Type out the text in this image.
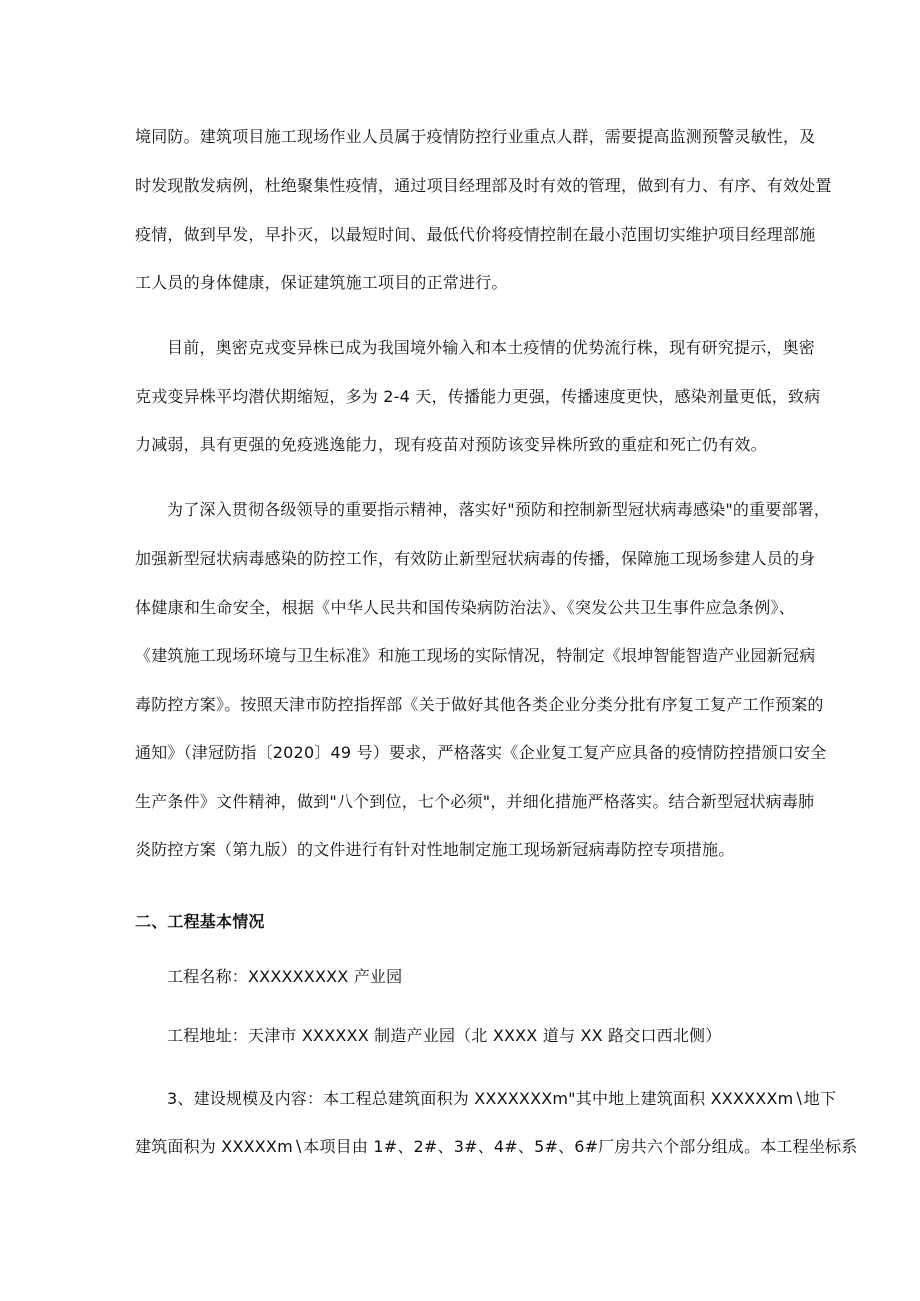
境同防。建筑项目施工现场作业人员属于疫情防控行业重点人群，需要提高监测预警灵敏性，及
时发现散发病例，杜绝聚集性疫情，通过项目经理部及时有效的管理，做到有力、有序、有效处置
疫情，做到早发，早扑灭，以最短时间、最低代价将疫情控制在最小范围切实维护项目经理部施
工人员的身体健康，保证建筑施工项目的正常进行。
目前，奥密克戎变异株已成为我国境外输入和本土疫情的优势流行株，现有研究提示，奥密
克戎变异株平均潜伏期缩短，多为 2-4 天，传播能力更强，传播速度更快，感染剂量更低，致病
力减弱，具有更强的免疫逃逸能力，现有疫苗对预防该变异株所致的重症和死亡仍有效。
为了深入贯彻各级领导的重要指示精神，落实好"预防和控制新型冠状病毒感染"的重要部署，
加强新型冠状病毒感染的防控工作，有效防止新型冠状病毒的传播，保障施工现场参建人员的身
体健康和生命安全，根据《中华人民共和国传染病防治法》、《突发公共卫生事件应急条例》、
《建筑施工现场环境与卫生标准》和施工现场的实际情况，特制定《垠坤智能智造产业园新冠病
毒防控方案》。按照天津市防控指挥部《关于做好其他各类企业分类分批有序复工复产工作预案的
通知》（津冠防指〔2020〕49 号）要求，严格落实《企业复工复产应具备的疫情防控措颁口安全
生产条件》文件精神，做到"八个到位，七个必须"，并细化措施严格落实。结合新型冠状病毒肺
炎防控方案（第九版）的文件进行有针对性地制定施工现场新冠病毒防控专项措施。
二、工程基本情况
工程名称：XXXXXXXXX 产业园
工程地址：天津市 XXXXXX 制造产业园（北 XXXX 道与 XX 路交口西北侧）
3、建设规模及内容：本工程总建筑面积为 XXXXXXXm"其中地上建筑面积 XXXXXXm∖地下
建筑面积为 XXXXXm∖本项目由 1#、2#、3#、4#、5#、6#厂房共六个部分组成。本工程坐标系
